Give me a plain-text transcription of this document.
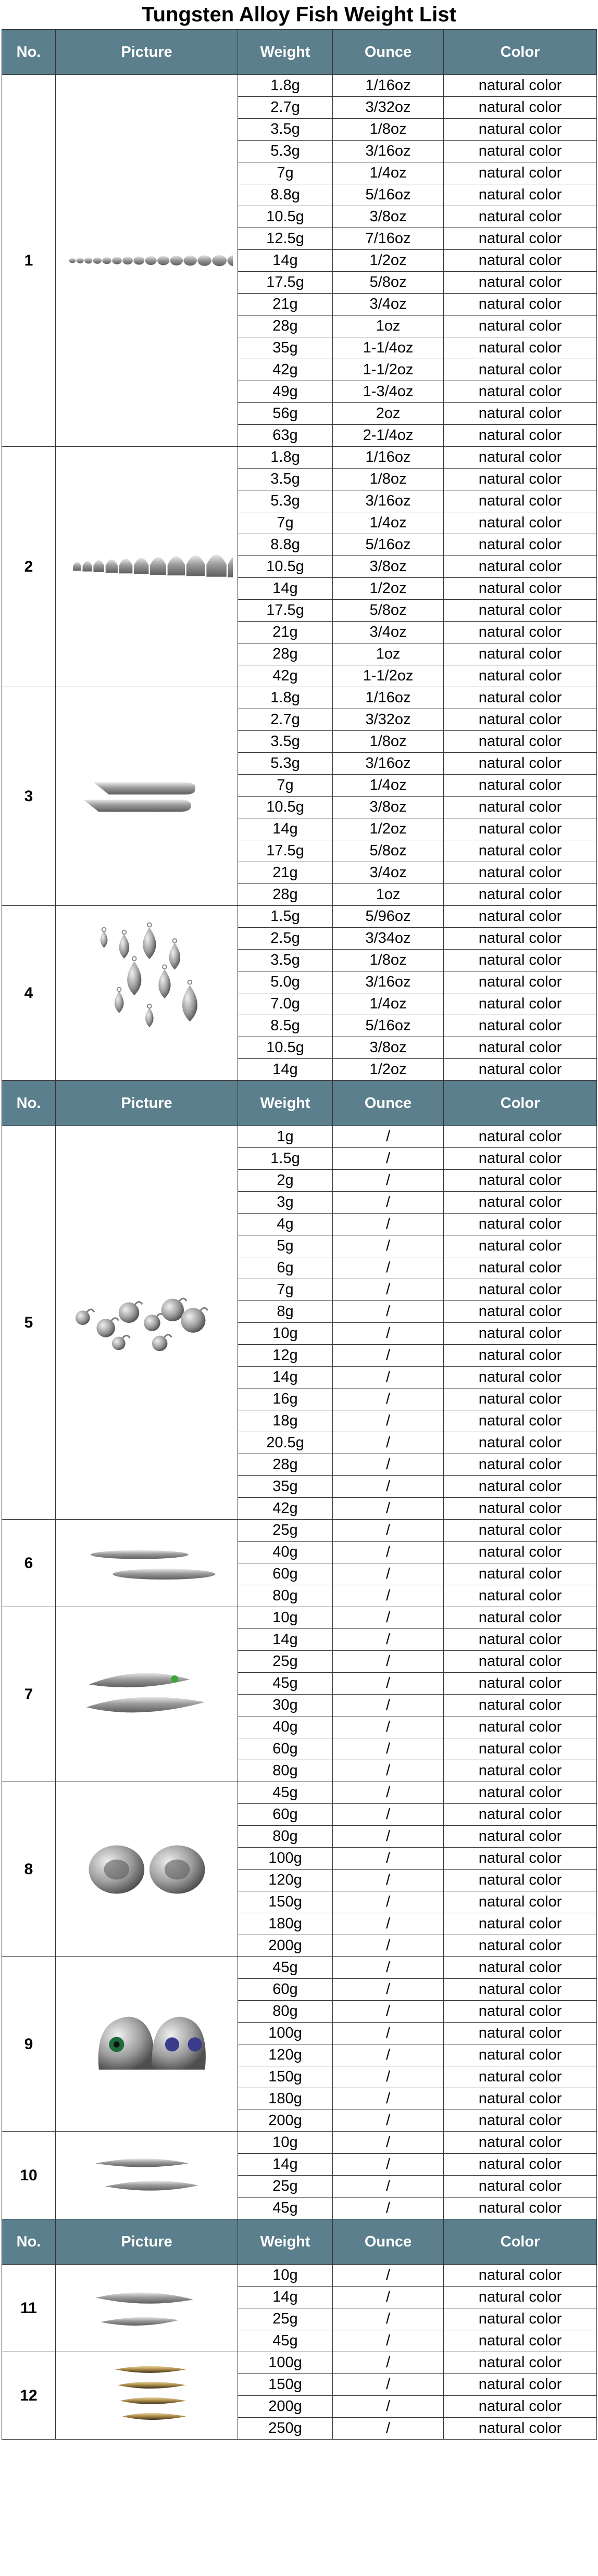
Tungsten Alloy Fish Weight List
No.	Picture	Weight	Ounce	Color
1		1.8g	1/16oz	natural color
		2.7g	3/32oz	natural color
		3.5g	1/8oz	natural color
		5.3g	3/16oz	natural color
		7g	1/4oz	natural color
		8.8g	5/16oz	natural color
		10.5g	3/8oz	natural color
		12.5g	7/16oz	natural color
		14g	1/2oz	natural color
		17.5g	5/8oz	natural color
		21g	3/4oz	natural color
		28g	1oz	natural color
		35g	1-1/4oz	natural color
		42g	1-1/2oz	natural color
		49g	1-3/4oz	natural color
		56g	2oz	natural color
		63g	2-1/4oz	natural color
2		1.8g	1/16oz	natural color
		3.5g	1/8oz	natural color
		5.3g	3/16oz	natural color
		7g	1/4oz	natural color
		8.8g	5/16oz	natural color
		10.5g	3/8oz	natural color
		14g	1/2oz	natural color
		17.5g	5/8oz	natural color
		21g	3/4oz	natural color
		28g	1oz	natural color
		42g	1-1/2oz	natural color
3		1.8g	1/16oz	natural color
		2.7g	3/32oz	natural color
		3.5g	1/8oz	natural color
		5.3g	3/16oz	natural color
		7g	1/4oz	natural color
		10.5g	3/8oz	natural color
		14g	1/2oz	natural color
		17.5g	5/8oz	natural color
		21g	3/4oz	natural color
		28g	1oz	natural color
4		1.5g	5/96oz	natural color
		2.5g	3/34oz	natural color
		3.5g	1/8oz	natural color
		5.0g	3/16oz	natural color
		7.0g	1/4oz	natural color
		8.5g	5/16oz	natural color
		10.5g	3/8oz	natural color
		14g	1/2oz	natural color
No.	Picture	Weight	Ounce	Color
5		1g	/	natural color
		1.5g	/	natural color
		2g	/	natural color
		3g	/	natural color
		4g	/	natural color
		5g	/	natural color
		6g	/	natural color
		7g	/	natural color
		8g	/	natural color
		10g	/	natural color
		12g	/	natural color
		14g	/	natural color
		16g	/	natural color
		18g	/	natural color
		20.5g	/	natural color
		28g	/	natural color
		35g	/	natural color
		42g	/	natural color
6		25g	/	natural color
		40g	/	natural color
		60g	/	natural color
		80g	/	natural color
7		10g	/	natural color
		14g	/	natural color
		25g	/	natural color
		45g	/	natural color
		30g	/	natural color
		40g	/	natural color
		60g	/	natural color
		80g	/	natural color
8		45g	/	natural color
		60g	/	natural color
		80g	/	natural color
		100g	/	natural color
		120g	/	natural color
		150g	/	natural color
		180g	/	natural color
		200g	/	natural color
9		45g	/	natural color
		60g	/	natural color
		80g	/	natural color
		100g	/	natural color
		120g	/	natural color
		150g	/	natural color
		180g	/	natural color
		200g	/	natural color
10		10g	/	natural color
		14g	/	natural color
		25g	/	natural color
		45g	/	natural color
No.	Picture	Weight	Ounce	Color
11		10g	/	natural color
		14g	/	natural color
		25g	/	natural color
		45g	/	natural color
12		100g	/	natural color
		150g	/	natural color
		200g	/	natural color
		250g	/	natural color
